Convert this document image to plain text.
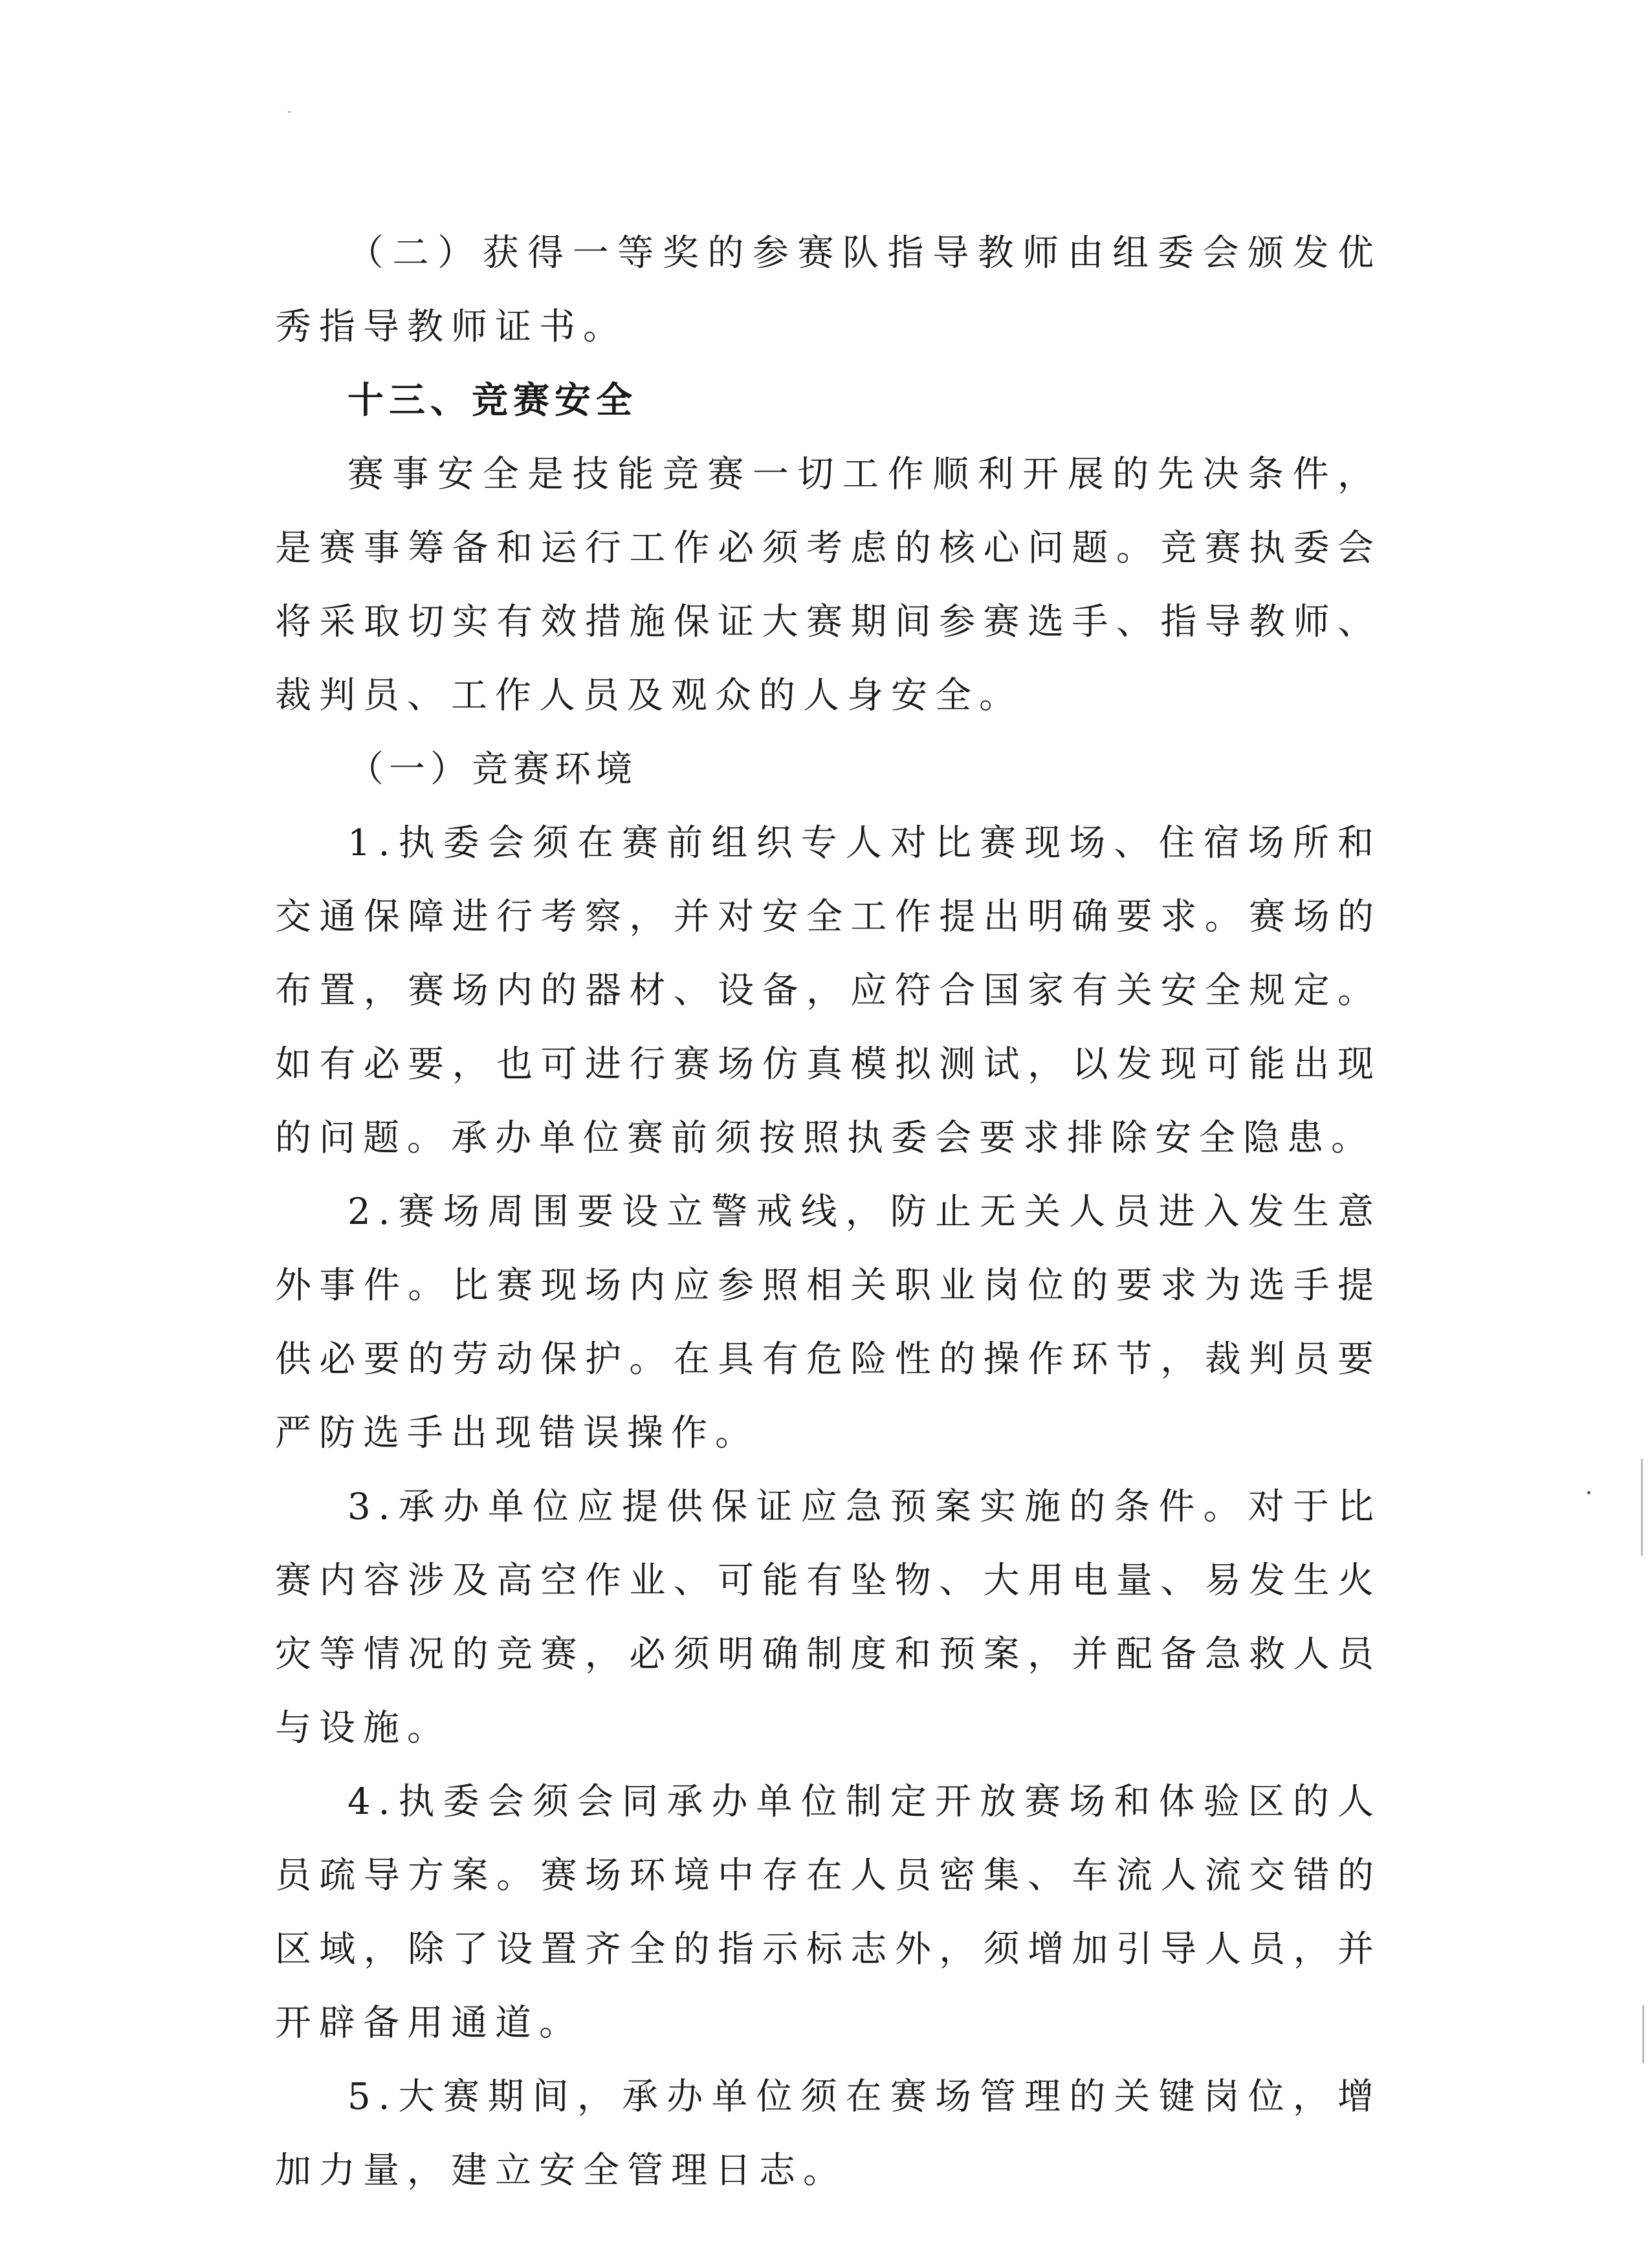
（二）获得一等奖的参赛队指导教师由组委会颁发优秀指导教师证书。

十三、竞赛安全

赛事安全是技能竞赛一切工作顺利开展的先决条件，是赛事筹备和运行工作必须考虑的核心问题。竞赛执委会将采取切实有效措施保证大赛期间参赛选手、指导教师、裁判员、工作人员及观众的人身安全。

（一）竞赛环境

1.执委会须在赛前组织专人对比赛现场、住宿场所和交通保障进行考察，并对安全工作提出明确要求。赛场的布置，赛场内的器材、设备，应符合国家有关安全规定。如有必要，也可进行赛场仿真模拟测试，以发现可能出现的问题。承办单位赛前须按照执委会要求排除安全隐患。

2.赛场周围要设立警戒线，防止无关人员进入发生意外事件。比赛现场内应参照相关职业岗位的要求为选手提供必要的劳动保护。在具有危险性的操作环节，裁判员要严防选手出现错误操作。

3.承办单位应提供保证应急预案实施的条件。对于比赛内容涉及高空作业、可能有坠物、大用电量、易发生火灾等情况的竞赛，必须明确制度和预案，并配备急救人员与设施。

4.执委会须会同承办单位制定开放赛场和体验区的人员疏导方案。赛场环境中存在人员密集、车流人流交错的区域，除了设置齐全的指示标志外，须增加引导人员，并开辟备用通道。

5.大赛期间，承办单位须在赛场管理的关键岗位，增加力量，建立安全管理日志。
